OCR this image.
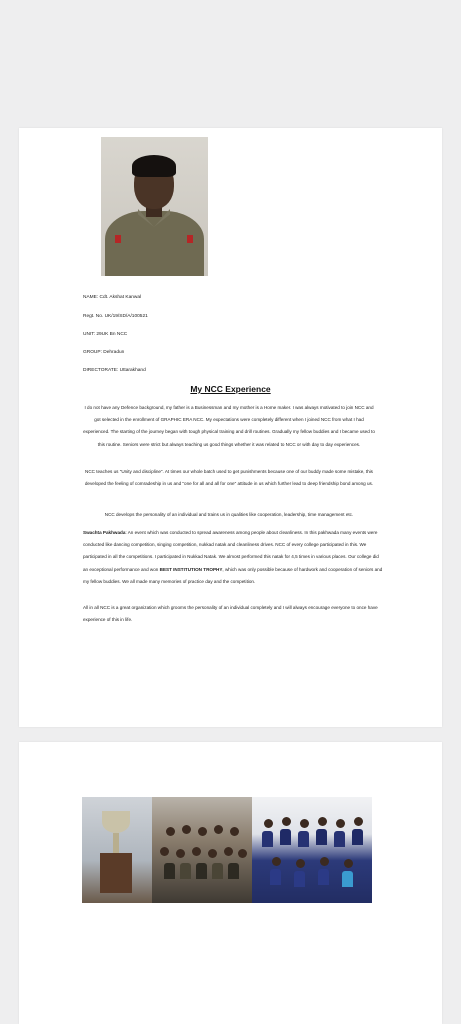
NAME: Cdt. Akshat Kanwal
Regt. No. UK/19/SD/A/100521
UNIT: 29UK Bn NCC
GROUP: Dehradun
DIRECTORATE: Uttarakhand
My NCC Experience
I do not have any Defence background, my father is a Businessman and my mother is a Home maker. I was always motivated to join NCC and got selected in the enrollment of GRAPHIC ERA NCC. My expectations were completely different when I joined NCC from what I had experienced. The starting of the journey began with tough physical training and drill routines. Gradually my fellow buddies and I became used to this routine. Seniors were strict but always teaching us good things whether it was related to NCC or with day to day experiences.
NCC teaches us "Unity and discipline". At times our whole batch used to get punishments because one of our buddy made some mistake, this developed the feeling of comradeship in us and "one for all and all for one" attitude in us which further lead to deep friendship bond among us.
NCC develops the personality of an individual and trains us in qualities like cooperation, leadership, time management etc.
Swachta Pakhwada: An event which was conducted to spread awareness among people about cleanliness. In this pakhwada many events were conducted like dancing competition, singing competition, nukkad natak and cleanliness drives. NCC of every college participated in this. We participated in all the competitions. I participated in Nukkad Natak. We almost performed this natak for 4,5 times in various places. Our college did an exceptional performance and won BEST INSTITUTION TROPHY, which was only possible because of hardwork and cooperation of seniors and my fellow buddies. We all made many memories of practice day and the competition.
All in all NCC is a great organization which grooms the personality of an individual completely and I will always encourage everyone to once have experience of this in life.
